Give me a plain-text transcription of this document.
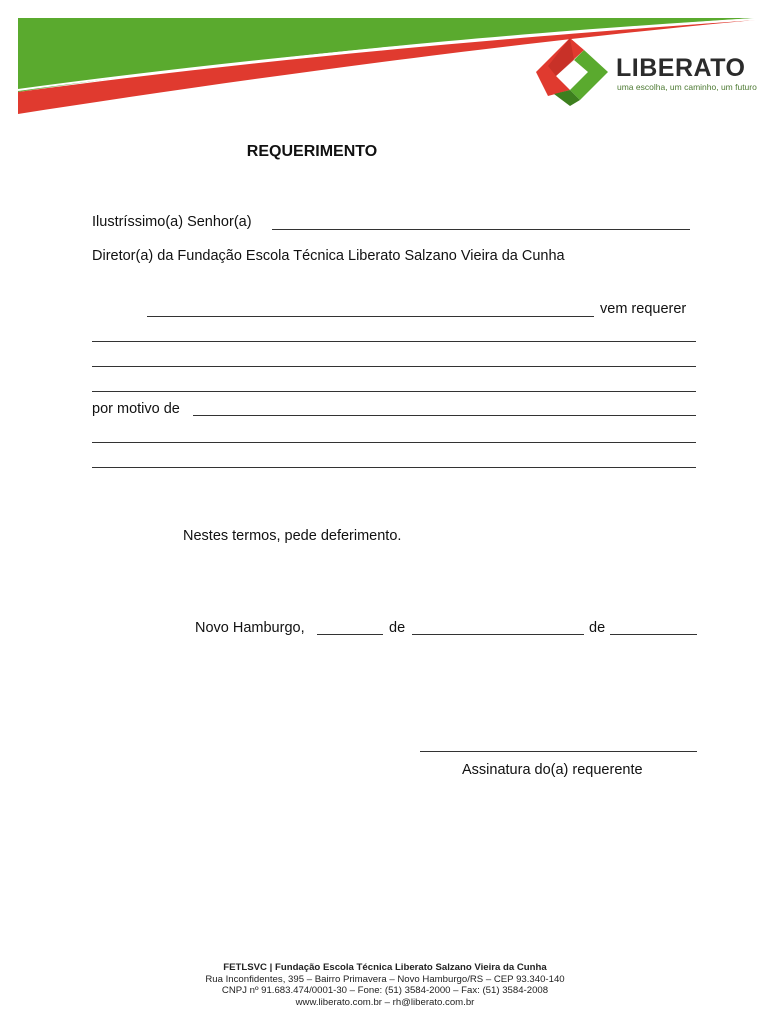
LIBERATO
uma escolha, um caminho, um futuro
REQUERIMENTO
Ilustríssimo(a) Senhor(a)
Diretor(a) da Fundação Escola Técnica Liberato Salzano Vieira da Cunha
vem requerer
por motivo de
Nestes termos, pede deferimento.
Novo Hamburgo,	de	de
Assinatura do(a) requerente
FETLSVC | Fundação Escola Técnica Liberato Salzano Vieira da Cunha
Rua Inconfidentes, 395 – Bairro Primavera – Novo Hamburgo/RS – CEP 93.340-140
CNPJ nº 91.683.474/0001-30 – Fone: (51) 3584-2000 – Fax: (51) 3584-2008
www.liberato.com.br – rh@liberato.com.br
